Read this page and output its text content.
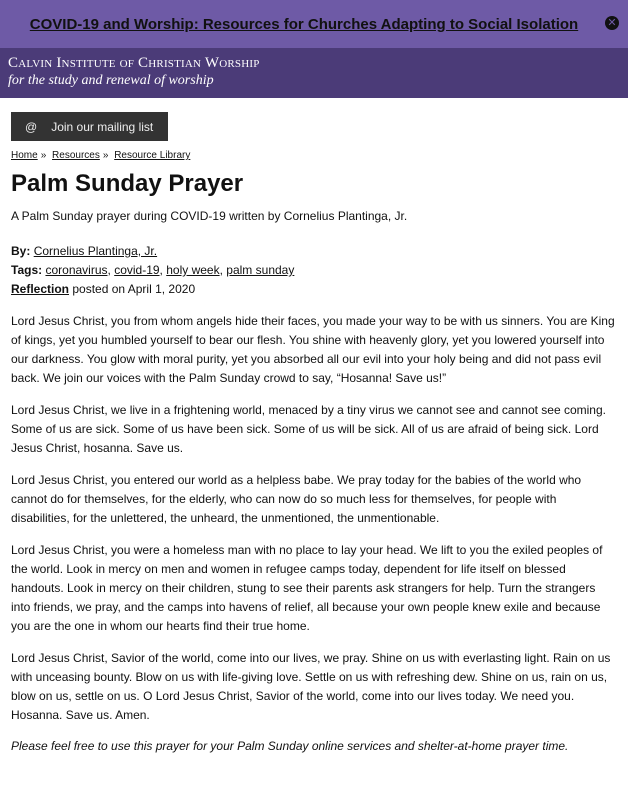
COVID-19 and Worship: Resources for Churches Adapting to Social Isolation	✕
Calvin Institute of Christian Worship
for the study and renewal of worship
@ Join our mailing list
Home » Resources » Resource Library
Palm Sunday Prayer
A Palm Sunday prayer during COVID-19 written by Cornelius Plantinga, Jr.
By: Cornelius Plantinga, Jr.
Tags: coronavirus, covid-19, holy week, palm sunday
Reflection posted on April 1, 2020

Lord Jesus Christ, you from whom angels hide their faces, you made your way to be with us sinners. You are King of kings, yet you humbled yourself to bear our flesh. You shine with heavenly glory, yet you lowered yourself into our darkness. You glow with moral purity, yet you absorbed all our evil into your holy being and did not pass evil back. We join our voices with the Palm Sunday crowd to say, “Hosanna! Save us!”

Lord Jesus Christ, we live in a frightening world, menaced by a tiny virus we cannot see and cannot see coming. Some of us are sick. Some of us have been sick. Some of us will be sick. All of us are afraid of being sick. Lord Jesus Christ, hosanna. Save us.

Lord Jesus Christ, you entered our world as a helpless babe. We pray today for the babies of the world who cannot do for themselves, for the elderly, who can now do so much less for themselves, for people with disabilities, for the unlettered, the unheard, the unmentioned, the unmentionable.

Lord Jesus Christ, you were a homeless man with no place to lay your head. We lift to you the exiled peoples of the world. Look in mercy on men and women in refugee camps today, dependent for life itself on blessed handouts. Look in mercy on their children, stung to see their parents ask strangers for help. Turn the strangers into friends, we pray, and the camps into havens of relief, all because your own people knew exile and because you are the one in whom our hearts find their true home.

Lord Jesus Christ, Savior of the world, come into our lives, we pray. Shine on us with everlasting light. Rain on us with unceasing bounty. Blow on us with life-giving love. Settle on us with refreshing dew. Shine on us, rain on us, blow on us, settle on us. O Lord Jesus Christ, Savior of the world, come into our lives today. We need you. Hosanna. Save us. Amen.

Please feel free to use this prayer for your Palm Sunday online services and shelter-at-home prayer time.
